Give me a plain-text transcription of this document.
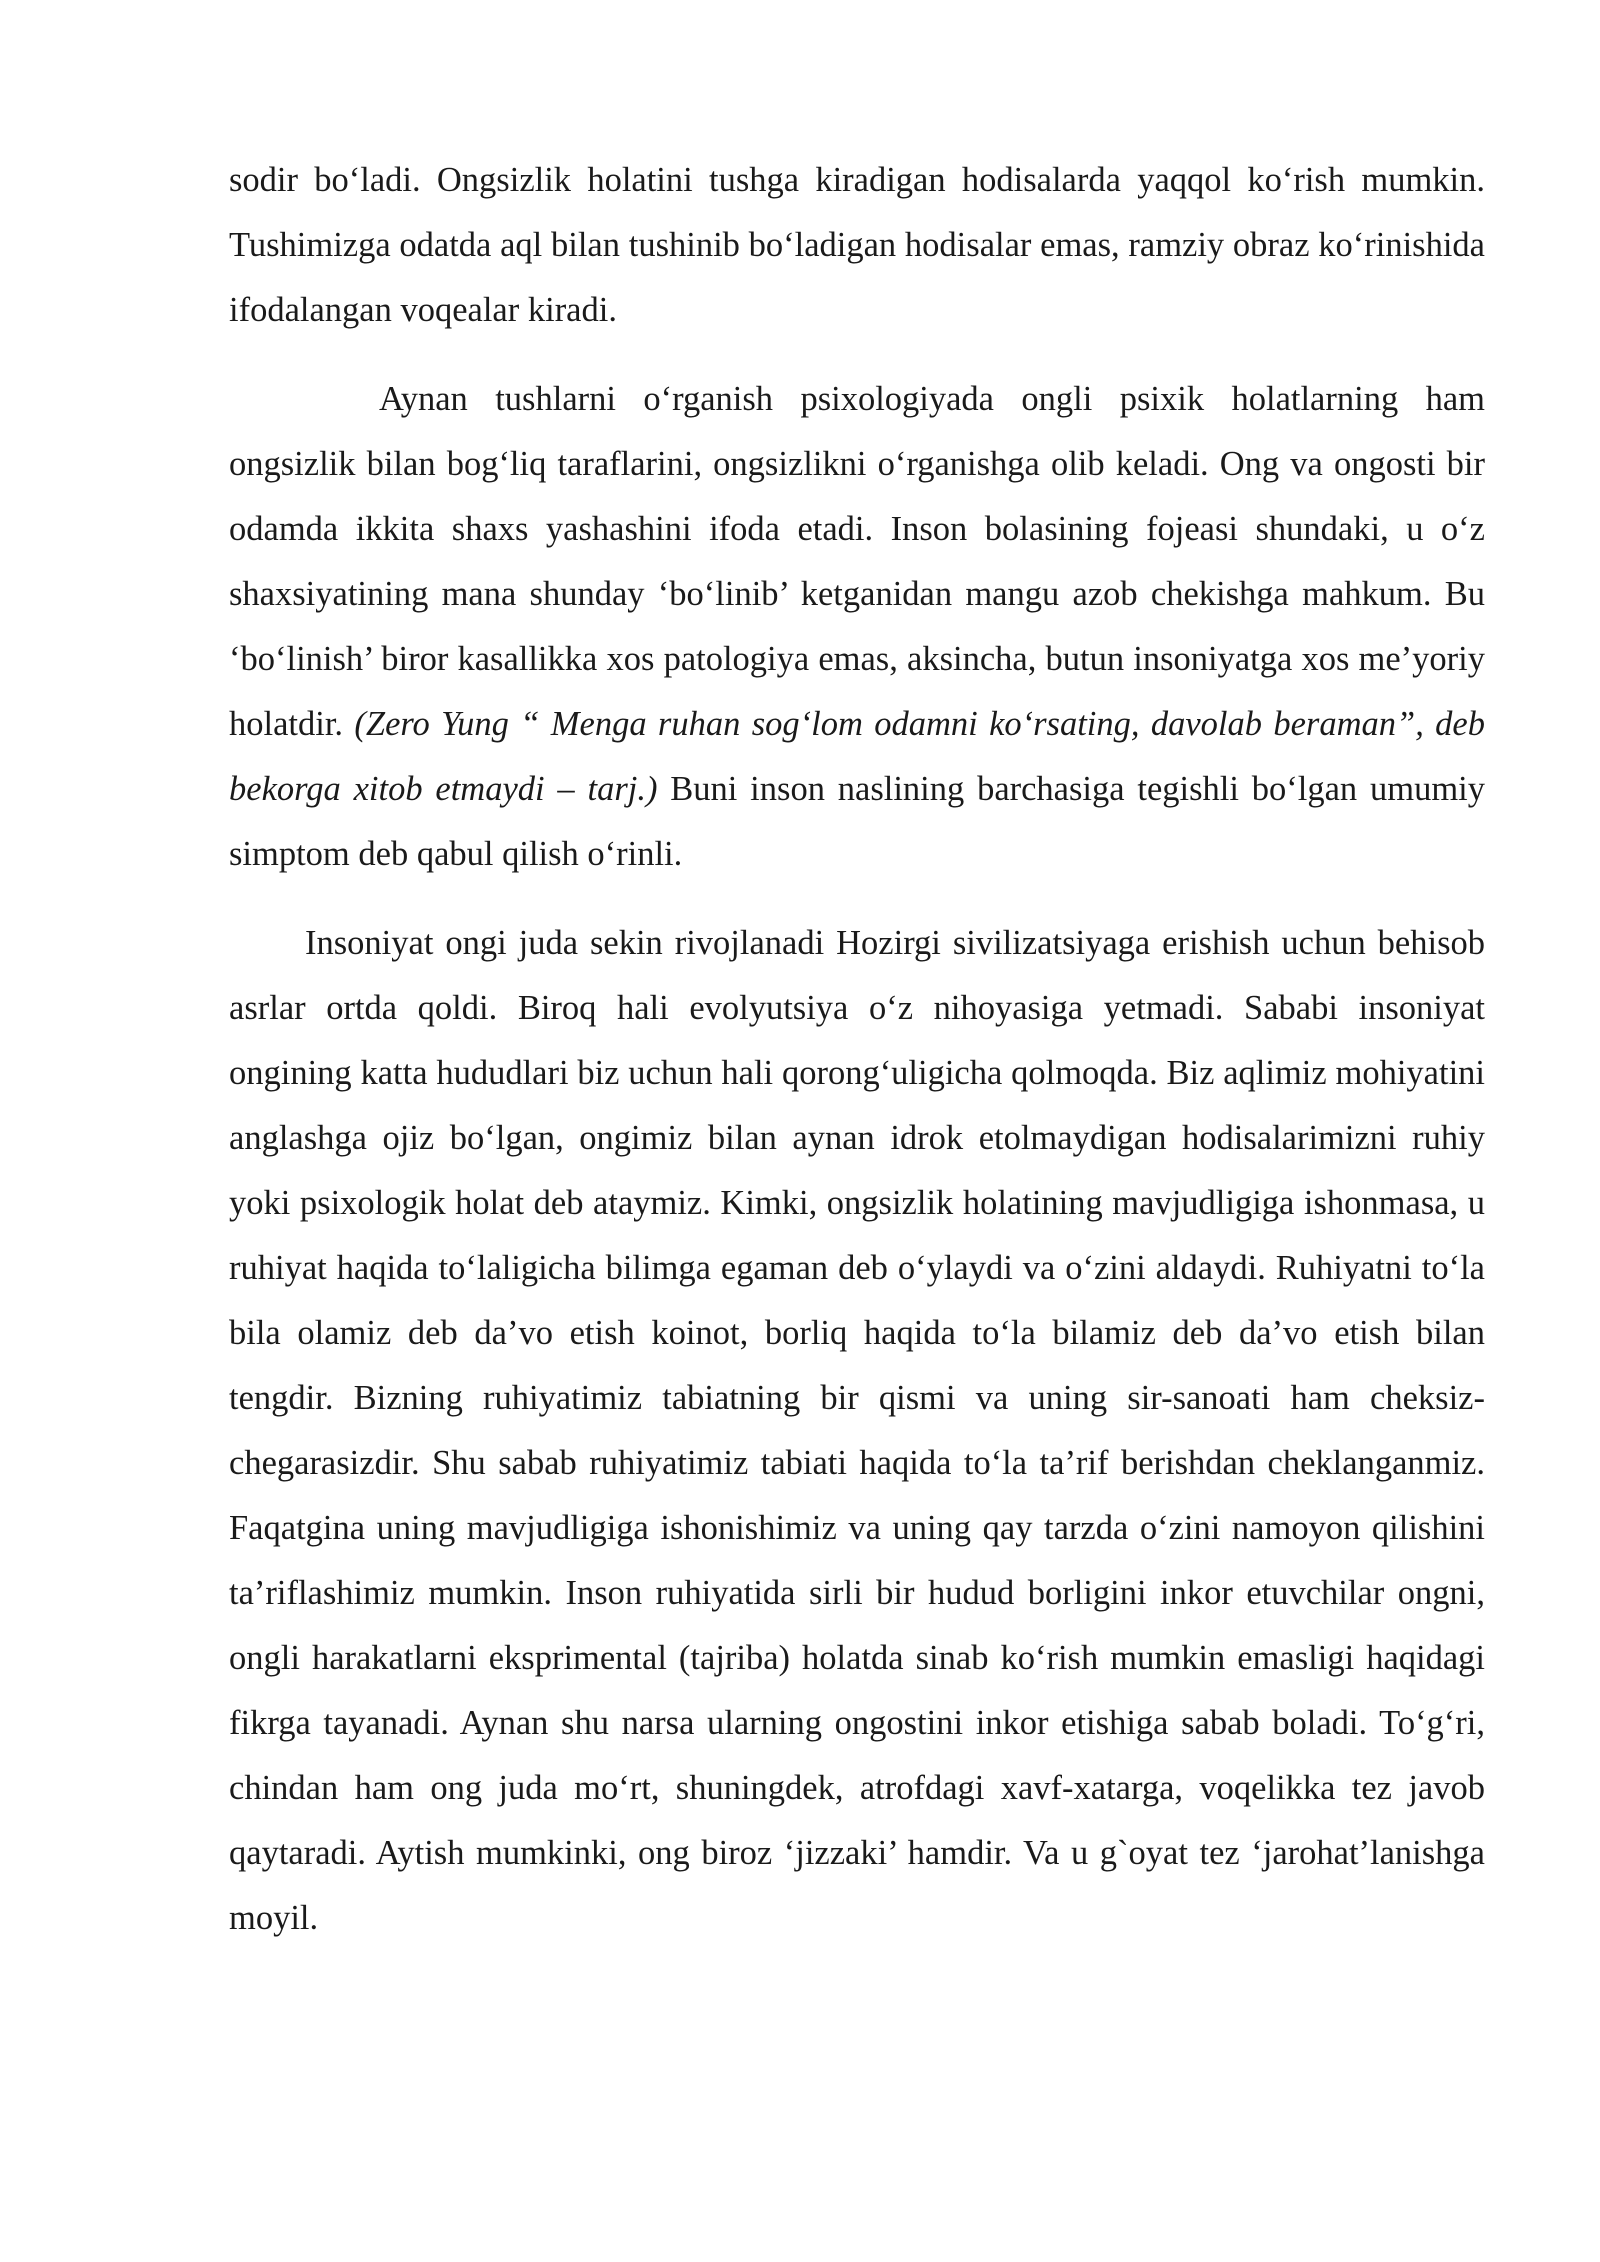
sodir bo‘ladi. Ongsizlik holatini tushga kiradigan hodisalarda yaqqol ko‘rish mumkin. Tushimizga odatda aql bilan tushinib bo‘ladigan hodisalar emas, ramziy obraz ko‘rinishida ifodalangan voqealar kiradi.

Aynan tushlarni o‘rganish psixologiyada ongli psixik holatlarning ham ongsizlik bilan bog‘liq taraflarini, ongsizlikni o‘rganishga olib keladi. Ong va ongosti bir odamda ikkita shaxs yashashini ifoda etadi. Inson bolasining fojeasi shundaki, u o‘z shaxsiyatining mana shunday ‘bo‘linib’ ketganidan mangu azob chekishga mahkum. Bu ‘bo‘linish’ biror kasallikka xos patologiya emas, aksincha, butun insoniyatga xos me’yoriy holatdir. (Zero Yung “ Menga ruhan sog‘lom odamni ko‘rsating, davolab beraman”, deb bekorga xitob etmaydi – tarj.) Buni inson naslining barchasiga tegishli bo‘lgan umumiy simptom deb qabul qilish o‘rinli.

Insoniyat ongi juda sekin rivojlanadi Hozirgi sivilizatsiyaga erishish uchun behisob asrlar ortda qoldi. Biroq hali evolyutsiya o‘z nihoyasiga yetmadi. Sababi insoniyat ongining katta hududlari biz uchun hali qorong‘uligicha qolmoqda. Biz aqlimiz mohiyatini anglashga ojiz bo‘lgan, ongimiz bilan aynan idrok etolmaydigan hodisalarimizni ruhiy yoki psixologik holat deb ataymiz. Kimki, ongsizlik holatining mavjudligiga ishonmasa, u ruhiyat haqida to‘laligicha bilimga egaman deb o‘ylaydi va o‘zini aldaydi. Ruhiyatni to‘la bila olamiz deb da’vo etish koinot, borliq haqida to‘la bilamiz deb da’vo etish bilan tengdir. Bizning ruhiyatimiz tabiatning bir qismi va uning sir-sanoati ham cheksiz-chegarasizdir. Shu sabab ruhiyatimiz tabiati haqida to‘la ta’rif berishdan cheklanganmiz. Faqatgina uning mavjudligiga ishonishimiz va uning qay tarzda o‘zini namoyon qilishini ta’riflashimiz mumkin. Inson ruhiyatida sirli bir hudud borligini inkor etuvchilar ongni, ongli harakatlarni eksprimental (tajriba) holatda sinab ko‘rish mumkin emasligi haqidagi fikrga tayanadi. Aynan shu narsa ularning ongostini inkor etishiga sabab boladi. To‘g‘ri, chindan ham ong juda mo‘rt, shuningdek, atrofdagi xavf-xatarga, voqelikka tez javob qaytaradi. Aytish mumkinki, ong biroz ‘jizzaki’ hamdir. Va u g`oyat tez ‘jarohat’lanishga moyil.
